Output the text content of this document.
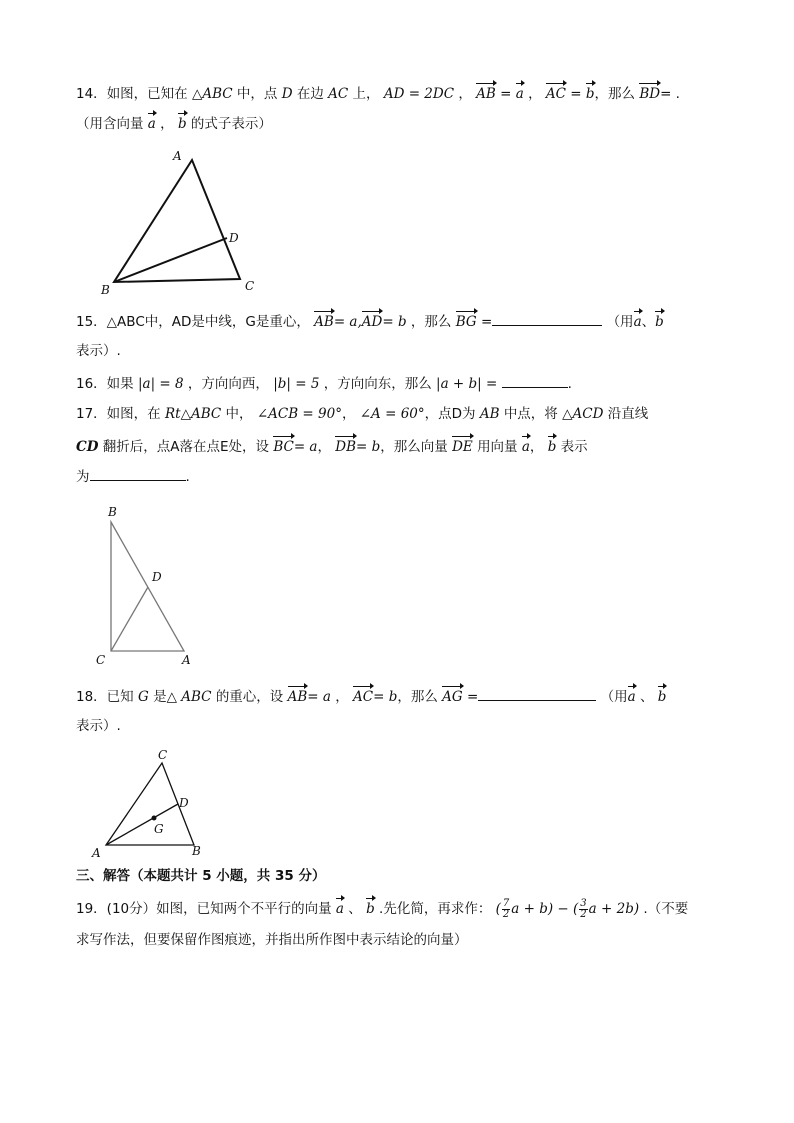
14．如图，已知在 △ABC 中，点 D 在边 AC 上， AD = 2DC ， AB = a ， AC = b，那么 BD= .
（用含向量 a ， b 的式子表示）
A
B	C
D
15．△ABC中，AD是中线，G是重心， AB= a,AD= b ，那么 BG =	（用a、b
表示）.
16．如果 |a| = 8 ，方向向西， |b| = 5 ，方向向东，那么 |a + b| =	.
17．如图，在 Rt△ABC 中， ∠ACB = 90°， ∠A = 60°，点D为 AB 中点，将 △ACD 沿直线
CD 翻折后，点A落在点E处，设 BC= a， DB= b，那么向量 DE 用向量 a， b 表示
为	.
B
C	A
D
18．已知 G 是△ ABC 的重心，设 AB= a ， AC= b，那么 AG =	（用a 、 b
表示）.
A	B
C
D
G
三、解答（本题共计 5 小题，共 35 分）
19．(10分）如图，已知两个不平行的向量 a 、 b .先化简，再求作： ( $\frac{7}{2}$ a + b) − ( $\frac{3}{2}$ a + 2b) .（不要
求写作法，但要保留作图痕迹，并指出所作图中表示结论的向量）
